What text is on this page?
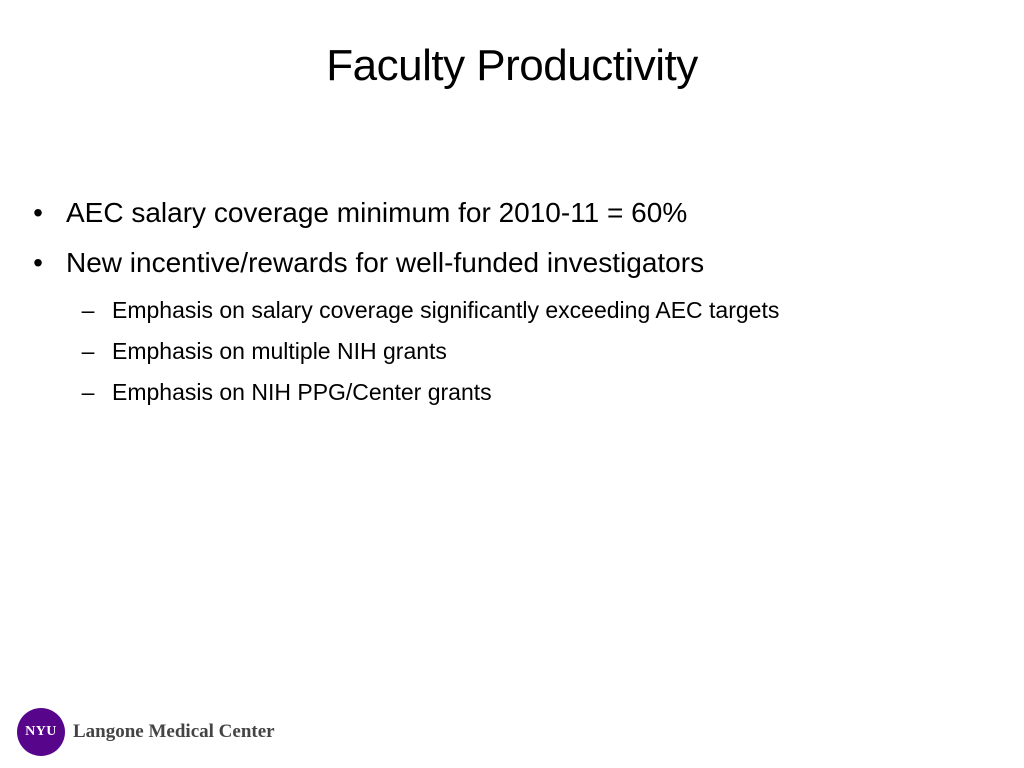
Faculty Productivity
• AEC salary coverage minimum for 2010-11 = 60%
• New incentive/rewards for well-funded investigators
– Emphasis on salary coverage significantly exceeding AEC targets
– Emphasis on multiple NIH grants
– Emphasis on NIH PPG/Center grants
NYU Langone Medical Center
